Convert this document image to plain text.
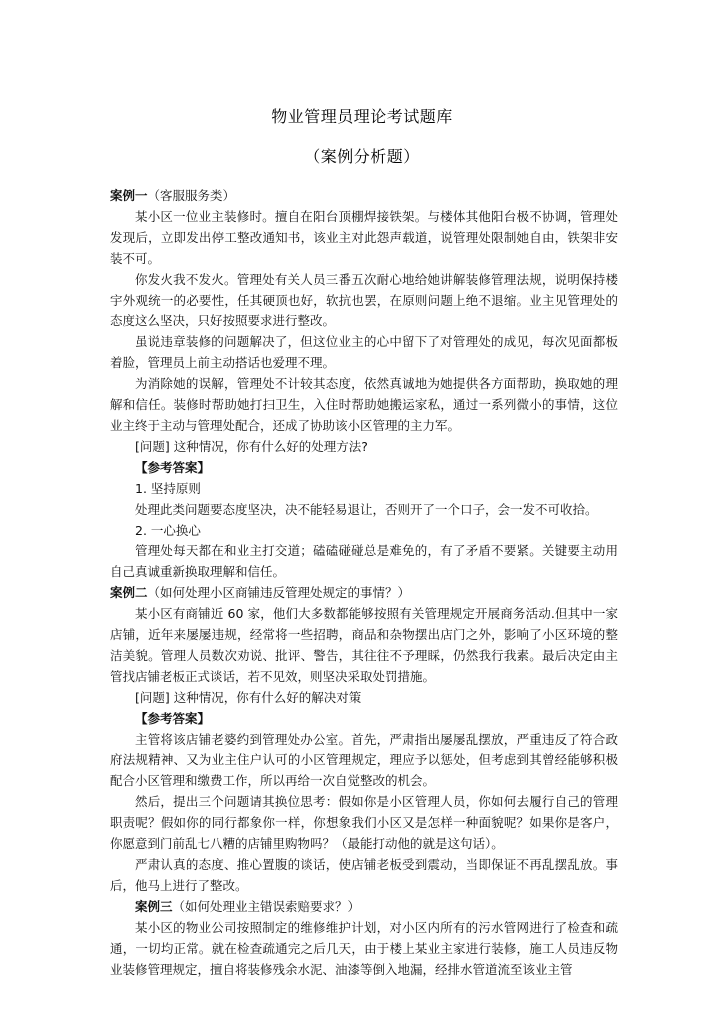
物业管理员理论考试题库
（案例分析题）

案例一（客服服务类）

某小区一位业主装修时。擅自在阳台顶棚焊接铁架。与楼体其他阳台极不协调，管理处发现后，立即发出停工整改通知书，该业主对此怨声载道，说管理处限制她自由，铁架非安装不可。

你发火我不发火。管理处有关人员三番五次耐心地给她讲解装修管理法规，说明保持楼宇外观统一的必要性，任其硬顶也好，软抗也罢，在原则问题上绝不退缩。业主见管理处的态度这么坚决，只好按照要求进行整改。

虽说违章装修的问题解决了，但这位业主的心中留下了对管理处的成见，每次见面都板着脸，管理员上前主动搭话也爱理不理。

为消除她的误解，管理处不计较其态度，依然真诚地为她提供各方面帮助，换取她的理解和信任。装修时帮助她打扫卫生，入住时帮助她搬运家私，通过一系列微小的事情，这位业主终于主动与管理处配合，还成了协助该小区管理的主力军。

[问题] 这种情况，你有什么好的处理方法?

【参考答案】

1. 坚持原则

处理此类问题要态度坚决，决不能轻易退让，否则开了一个口子，会一发不可收拾。

2. 一心换心

管理处每天都在和业主打交道；磕磕碰碰总是难免的，有了矛盾不要紧。关键要主动用自己真诚重新换取理解和信任。

案例二（如何处理小区商铺违反管理处规定的事情？）

某小区有商铺近 60 家，他们大多数都能够按照有关管理规定开展商务活动.但其中一家店铺，近年来屡屡违规，经常将一些招聘，商品和杂物摆出店门之外，影响了小区环境的整洁美貌。管理人员数次劝说、批评、警告，其往往不予理睬，仍然我行我素。最后决定由主管找店铺老板正式谈话，若不见效，则坚决采取处罚措施。

[问题] 这种情况，你有什么好的解决对策

【参考答案】

主管将该店铺老婆约到管理处办公室。首先，严肃指出屡屡乱摆放，严重违反了符合政府法规精神、又为业主住户认可的小区管理规定，理应予以惩处，但考虑到其曾经能够积极配合小区管理和缴费工作，所以再给一次自觉整改的机会。

然后，提出三个问题请其换位思考：假如你是小区管理人员，你如何去履行自己的管理职责呢？假如你的同行都象你一样，你想象我们小区又是怎样一种面貌呢？如果你是客户，你愿意到门前乱七八糟的店铺里购物吗？（最能打动他的就是这句话）。

严肃认真的态度、推心置腹的谈话，使店铺老板受到震动，当即保证不再乱摆乱放。事后，他马上进行了整改。

案例三（如何处理业主错误索赔要求？）

某小区的物业公司按照制定的维修维护计划，对小区内所有的污水管网进行了检查和疏通，一切均正常。就在检查疏通完之后几天，由于楼上某业主家进行装修，施工人员违反物业装修管理规定，擅自将装修残余水泥、油漆等倒入地漏，经排水管道流至该业主管
